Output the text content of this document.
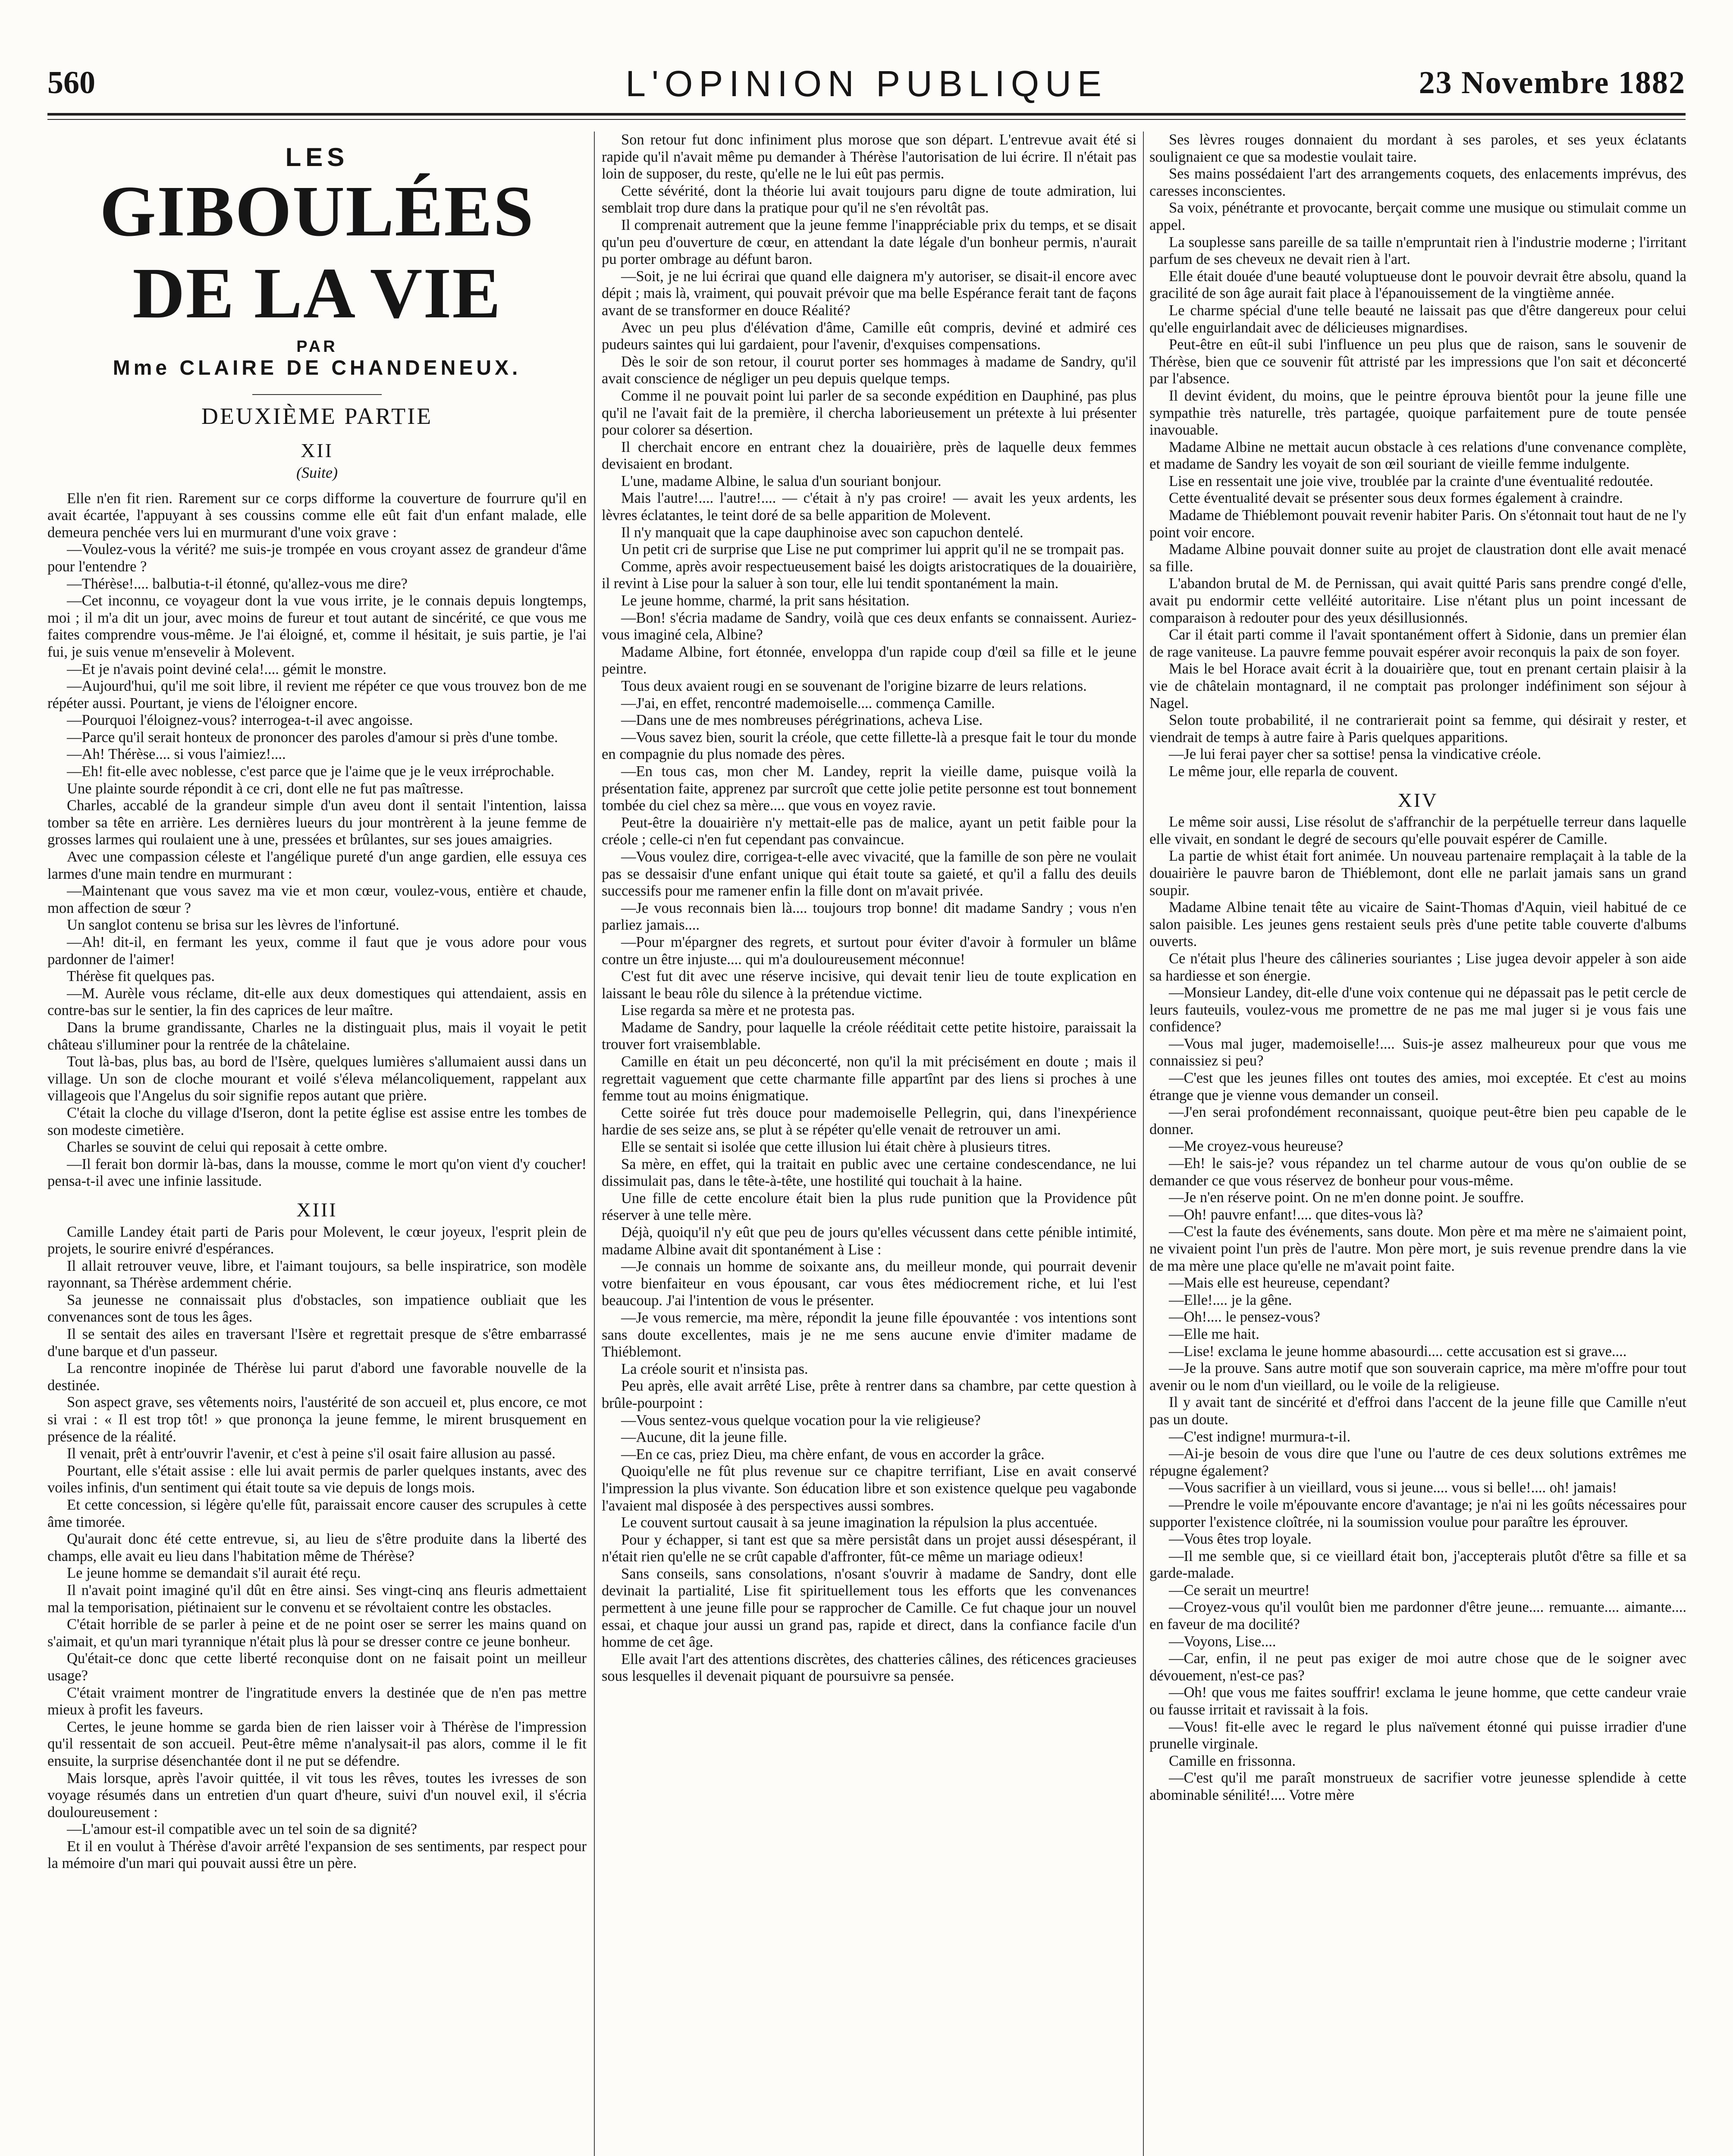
560	L'OPINION PUBLIQUE	23 Novembre 1882
LES
GIBOULÉES DE LA VIE
PAR
Mme CLAIRE DE CHANDENEUX.
DEUXIÈME PARTIE
XII
(Suite)

Elle n'en fit rien. Rarement sur ce corps difforme la couverture de fourrure qu'il en avait écartée, l'appuyant à ses coussins comme elle eût fait d'un enfant malade, elle demeura penchée vers lui en murmurant d'une voix grave :

—Voulez-vous la vérité? me suis-je trompée en vous croyant assez de grandeur d'âme pour l'entendre ?

—Thérèse!.... balbutia-t-il étonné, qu'allez-vous me dire?

—Cet inconnu, ce voyageur dont la vue vous irrite, je le connais depuis longtemps, moi ; il m'a dit un jour, avec moins de fureur et tout autant de sincérité, ce que vous me faites comprendre vous-même. Je l'ai éloigné, et, comme il hésitait, je suis partie, je l'ai fui, je suis venue m'ensevelir à Molevent.

—Et je n'avais point deviné cela!.... gémit le monstre.

—Aujourd'hui, qu'il me soit libre, il revient me répéter ce que vous trouvez bon de me répéter aussi. Pourtant, je viens de l'éloigner encore.

—Pourquoi l'éloignez-vous? interrogea-t-il avec angoisse.

—Parce qu'il serait honteux de prononcer des paroles d'amour si près d'une tombe.

—Ah! Thérèse.... si vous l'aimiez!....

—Eh! fit-elle avec noblesse, c'est parce que je l'aime que je le veux irréprochable.

Une plainte sourde répondit à ce cri, dont elle ne fut pas maîtresse.

Charles, accablé de la grandeur simple d'un aveu dont il sentait l'intention, laissa tomber sa tête en arrière. Les dernières lueurs du jour montrèrent à la jeune femme de grosses larmes qui roulaient une à une, pressées et brûlantes, sur ses joues amaigries.

Avec une compassion céleste et l'angélique pureté d'un ange gardien, elle essuya ces larmes d'une main tendre en murmurant :

—Maintenant que vous savez ma vie et mon cœur, voulez-vous, entière et chaude, mon affection de sœur ?

Un sanglot contenu se brisa sur les lèvres de l'infortuné.

—Ah! dit-il, en fermant les yeux, comme il faut que je vous adore pour vous pardonner de l'aimer!

Thérèse fit quelques pas.

—M. Aurèle vous réclame, dit-elle aux deux domestiques qui attendaient, assis en contre-bas sur le sentier, la fin des caprices de leur maître.

Dans la brume grandissante, Charles ne la distinguait plus, mais il voyait le petit château s'illuminer pour la rentrée de la châtelaine.

Tout là-bas, plus bas, au bord de l'Isère, quelques lumières s'allumaient aussi dans un village. Un son de cloche mourant et voilé s'éleva mélancoliquement, rappelant aux villageois que l'Angelus du soir signifie repos autant que prière.

C'était la cloche du village d'Iseron, dont la petite église est assise entre les tombes de son modeste cimetière.

Charles se souvint de celui qui reposait à cette ombre.

—Il ferait bon dormir là-bas, dans la mousse, comme le mort qu'on vient d'y coucher! pensa-t-il avec une infinie lassitude.

XIII

Camille Landey était parti de Paris pour Molevent, le cœur joyeux, l'esprit plein de projets, le sourire enivré d'espérances.

Il allait retrouver veuve, libre, et l'aimant toujours, sa belle inspiratrice, son modèle rayonnant, sa Thérèse ardemment chérie.

Sa jeunesse ne connaissait plus d'obstacles, son impatience oubliait que les convenances sont de tous les âges.

Il se sentait des ailes en traversant l'Isère et regrettait presque de s'être embarrassé d'une barque et d'un passeur.

La rencontre inopinée de Thérèse lui parut d'abord une favorable nouvelle de la destinée.

Son aspect grave, ses vêtements noirs, l'austérité de son accueil et, plus encore, ce mot si vrai : « Il est trop tôt! » que prononça la jeune femme, le mirent brusquement en présence de la réalité.

Il venait, prêt à entr'ouvrir l'avenir, et c'est à peine s'il osait faire allusion au passé.

Pourtant, elle s'était assise : elle lui avait permis de parler quelques instants, avec des voiles infinis, d'un sentiment qui était toute sa vie depuis de longs mois.

Et cette concession, si légère qu'elle fût, paraissait encore causer des scrupules à cette âme timorée.

Qu'aurait donc été cette entrevue, si, au lieu de s'être produite dans la liberté des champs, elle avait eu lieu dans l'habitation même de Thérèse?

Le jeune homme se demandait s'il aurait été reçu.

Il n'avait point imaginé qu'il dût en être ainsi. Ses vingt-cinq ans fleuris admettaient mal la temporisation, piétinaient sur le convenu et se révoltaient contre les obstacles.

C'était horrible de se parler à peine et de ne point oser se serrer les mains quand on s'aimait, et qu'un mari tyrannique n'était plus là pour se dresser contre ce jeune bonheur.

Qu'était-ce donc que cette liberté reconquise dont on ne faisait point un meilleur usage?

C'était vraiment montrer de l'ingratitude envers la destinée que de n'en pas mettre mieux à profit les faveurs.

Certes, le jeune homme se garda bien de rien laisser voir à Thérèse de l'impression qu'il ressentait de son accueil. Peut-être même n'analysait-il pas alors, comme il le fit ensuite, la surprise désenchantée dont il ne put se défendre.

Mais lorsque, après l'avoir quittée, il vit tous les rêves, toutes les ivresses de son voyage résumés dans un entretien d'un quart d'heure, suivi d'un nouvel exil, il s'écria douloureusement :

—L'amour est-il compatible avec un tel soin de sa dignité?

Et il en voulut à Thérèse d'avoir arrêté l'expansion de ses sentiments, par respect pour la mémoire d'un mari qui pouvait aussi être un père.

Son retour fut donc infiniment plus morose que son départ. L'entrevue avait été si rapide qu'il n'avait même pu demander à Thérèse l'autorisation de lui écrire. Il n'était pas loin de supposer, du reste, qu'elle ne le lui eût pas permis.

Cette sévérité, dont la théorie lui avait toujours paru digne de toute admiration, lui semblait trop dure dans la pratique pour qu'il ne s'en révoltât pas.

Il comprenait autrement que la jeune femme l'inappréciable prix du temps, et se disait qu'un peu d'ouverture de cœur, en attendant la date légale d'un bonheur permis, n'aurait pu porter ombrage au défunt baron.

—Soit, je ne lui écrirai que quand elle daignera m'y autoriser, se disait-il encore avec dépit ; mais là, vraiment, qui pouvait prévoir que ma belle Espérance ferait tant de façons avant de se transformer en douce Réalité?

Avec un peu plus d'élévation d'âme, Camille eût compris, deviné et admiré ces pudeurs saintes qui lui gardaient, pour l'avenir, d'exquises compensations.

Dès le soir de son retour, il courut porter ses hommages à madame de Sandry, qu'il avait conscience de négliger un peu depuis quelque temps.

Comme il ne pouvait point lui parler de sa seconde expédition en Dauphiné, pas plus qu'il ne l'avait fait de la première, il chercha laborieusement un prétexte à lui présenter pour colorer sa désertion.

Il cherchait encore en entrant chez la douairière, près de laquelle deux femmes devisaient en brodant.

L'une, madame Albine, le salua d'un souriant bonjour.

Mais l'autre!.... l'autre!.... — c'était à n'y pas croire! — avait les yeux ardents, les lèvres éclatantes, le teint doré de sa belle apparition de Molevent.

Il n'y manquait que la cape dauphinoise avec son capuchon dentelé.

Un petit cri de surprise que Lise ne put comprimer lui apprit qu'il ne se trompait pas.

Comme, après avoir respectueusement baisé les doigts aristocratiques de la douairière, il revint à Lise pour la saluer à son tour, elle lui tendit spontanément la main.

Le jeune homme, charmé, la prit sans hésitation.

—Bon! s'écria madame de Sandry, voilà que ces deux enfants se connaissent. Auriez-vous imaginé cela, Albine?

Madame Albine, fort étonnée, enveloppa d'un rapide coup d'œil sa fille et le jeune peintre.

Tous deux avaient rougi en se souvenant de l'origine bizarre de leurs relations.

—J'ai, en effet, rencontré mademoiselle.... commença Camille.

—Dans une de mes nombreuses pérégrinations, acheva Lise.

—Vous savez bien, sourit la créole, que cette fillette-là a presque fait le tour du monde en compagnie du plus nomade des pères.

—En tous cas, mon cher M. Landey, reprit la vieille dame, puisque voilà la présentation faite, apprenez par surcroît que cette jolie petite personne est tout bonnement tombée du ciel chez sa mère.... que vous en voyez ravie.

Peut-être la douairière n'y mettait-elle pas de malice, ayant un petit faible pour la créole ; celle-ci n'en fut cependant pas convaincue.

—Vous voulez dire, corrigea-t-elle avec vivacité, que la famille de son père ne voulait pas se dessaisir d'une enfant unique qui était toute sa gaieté, et qu'il a fallu des deuils successifs pour me ramener enfin la fille dont on m'avait privée.

—Je vous reconnais bien là.... toujours trop bonne! dit madame Sandry ; vous n'en parliez jamais....

—Pour m'épargner des regrets, et surtout pour éviter d'avoir à formuler un blâme contre un être injuste.... qui m'a douloureusement méconnue!

C'est fut dit avec une réserve incisive, qui devait tenir lieu de toute explication en laissant le beau rôle du silence à la prétendue victime.

Lise regarda sa mère et ne protesta pas.

Madame de Sandry, pour laquelle la créole rééditait cette petite histoire, paraissait la trouver fort vraisemblable.

Camille en était un peu déconcerté, non qu'il la mit précisément en doute ; mais il regrettait vaguement que cette charmante fille appartînt par des liens si proches à une femme tout au moins énigmatique.

Cette soirée fut très douce pour mademoiselle Pellegrin, qui, dans l'inexpérience hardie de ses seize ans, se plut à se répéter qu'elle venait de retrouver un ami.

Elle se sentait si isolée que cette illusion lui était chère à plusieurs titres.

Sa mère, en effet, qui la traitait en public avec une certaine condescendance, ne lui dissimulait pas, dans le tête-à-tête, une hostilité qui touchait à la haine.

Une fille de cette encolure était bien la plus rude punition que la Providence pût réserver à une telle mère.

Déjà, quoiqu'il n'y eût que peu de jours qu'elles vécussent dans cette pénible intimité, madame Albine avait dit spontanément à Lise :

—Je connais un homme de soixante ans, du meilleur monde, qui pourrait devenir votre bienfaiteur en vous épousant, car vous êtes médiocrement riche, et lui l'est beaucoup. J'ai l'intention de vous le présenter.

—Je vous remercie, ma mère, répondit la jeune fille épouvantée : vos intentions sont sans doute excellentes, mais je ne me sens aucune envie d'imiter madame de Thiéblemont.

La créole sourit et n'insista pas.

Peu après, elle avait arrêté Lise, prête à rentrer dans sa chambre, par cette question à brûle-pourpoint :

—Vous sentez-vous quelque vocation pour la vie religieuse?

—Aucune, dit la jeune fille.

—En ce cas, priez Dieu, ma chère enfant, de vous en accorder la grâce.

Quoiqu'elle ne fût plus revenue sur ce chapitre terrifiant, Lise en avait conservé l'impression la plus vivante. Son éducation libre et son existence quelque peu vagabonde l'avaient mal disposée à des perspectives aussi sombres.

Le couvent surtout causait à sa jeune imagination la répulsion la plus accentuée.

Pour y échapper, si tant est que sa mère persistât dans un projet aussi désespérant, il n'était rien qu'elle ne se crût capable d'affronter, fût-ce même un mariage odieux!

Sans conseils, sans consolations, n'osant s'ouvrir à madame de Sandry, dont elle devinait la partialité, Lise fit spirituellement tous les efforts que les convenances permettent à une jeune fille pour se rapprocher de Camille. Ce fut chaque jour un nouvel essai, et chaque jour aussi un grand pas, rapide et direct, dans la confiance facile d'un homme de cet âge.

Elle avait l'art des attentions discrètes, des chatteries câlines, des réticences gracieuses sous lesquelles il devenait piquant de poursuivre sa pensée.

Ses lèvres rouges donnaient du mordant à ses paroles, et ses yeux éclatants soulignaient ce que sa modestie voulait taire.

Ses mains possédaient l'art des arrangements coquets, des enlacements imprévus, des caresses inconscientes.

Sa voix, pénétrante et provocante, berçait comme une musique ou stimulait comme un appel.

La souplesse sans pareille de sa taille n'empruntait rien à l'industrie moderne ; l'irritant parfum de ses cheveux ne devait rien à l'art.

Elle était douée d'une beauté voluptueuse dont le pouvoir devrait être absolu, quand la gracilité de son âge aurait fait place à l'épanouissement de la vingtième année.

Le charme spécial d'une telle beauté ne laissait pas que d'être dangereux pour celui qu'elle enguirlandait avec de délicieuses mignardises.

Peut-être en eût-il subi l'influence un peu plus que de raison, sans le souvenir de Thérèse, bien que ce souvenir fût attristé par les impressions que l'on sait et déconcerté par l'absence.

Il devint évident, du moins, que le peintre éprouva bientôt pour la jeune fille une sympathie très naturelle, très partagée, quoique parfaitement pure de toute pensée inavouable.

Madame Albine ne mettait aucun obstacle à ces relations d'une convenance complète, et madame de Sandry les voyait de son œil souriant de vieille femme indulgente.

Lise en ressentait une joie vive, troublée par la crainte d'une éventualité redoutée.

Cette éventualité devait se présenter sous deux formes également à craindre.

Madame de Thiéblemont pouvait revenir habiter Paris. On s'étonnait tout haut de ne l'y point voir encore.

Madame Albine pouvait donner suite au projet de claustration dont elle avait menacé sa fille.

L'abandon brutal de M. de Pernissan, qui avait quitté Paris sans prendre congé d'elle, avait pu endormir cette velléité autoritaire. Lise n'étant plus un point incessant de comparaison à redouter pour des yeux désillusionnés.

Car il était parti comme il l'avait spontanément offert à Sidonie, dans un premier élan de rage vaniteuse. La pauvre femme pouvait espérer avoir reconquis la paix de son foyer.

Mais le bel Horace avait écrit à la douairière que, tout en prenant certain plaisir à la vie de châtelain montagnard, il ne comptait pas prolonger indéfiniment son séjour à Nagel.

Selon toute probabilité, il ne contrarierait point sa femme, qui désirait y rester, et viendrait de temps à autre faire à Paris quelques apparitions.

—Je lui ferai payer cher sa sottise! pensa la vindicative créole.

Le même jour, elle reparla de couvent.

XIV

Le même soir aussi, Lise résolut de s'affranchir de la perpétuelle terreur dans laquelle elle vivait, en sondant le degré de secours qu'elle pouvait espérer de Camille.

La partie de whist était fort animée. Un nouveau partenaire remplaçait à la table de la douairière le pauvre baron de Thiéblemont, dont elle ne parlait jamais sans un grand soupir.

Madame Albine tenait tête au vicaire de Saint-Thomas d'Aquin, vieil habitué de ce salon paisible. Les jeunes gens restaient seuls près d'une petite table couverte d'albums ouverts.

Ce n'était plus l'heure des câlineries souriantes ; Lise jugea devoir appeler à son aide sa hardiesse et son énergie.

—Monsieur Landey, dit-elle d'une voix contenue qui ne dépassait pas le petit cercle de leurs fauteuils, voulez-vous me promettre de ne pas me mal juger si je vous fais une confidence?

—Vous mal juger, mademoiselle!.... Suis-je assez malheureux pour que vous me connaissiez si peu?

—C'est que les jeunes filles ont toutes des amies, moi exceptée. Et c'est au moins étrange que je vienne vous demander un conseil.

—J'en serai profondément reconnaissant, quoique peut-être bien peu capable de le donner.

—Me croyez-vous heureuse?

—Eh! le sais-je? vous répandez un tel charme autour de vous qu'on oublie de se demander ce que vous réservez de bonheur pour vous-même.

—Je n'en réserve point. On ne m'en donne point. Je souffre.

—Oh! pauvre enfant!.... que dites-vous là?

—C'est la faute des événements, sans doute. Mon père et ma mère ne s'aimaient point, ne vivaient point l'un près de l'autre. Mon père mort, je suis revenue prendre dans la vie de ma mère une place qu'elle ne m'avait point faite.

—Mais elle est heureuse, cependant?

—Elle!.... je la gêne.

—Oh!.... le pensez-vous?

—Elle me hait.

—Lise! exclama le jeune homme abasourdi.... cette accusation est si grave....

—Je la prouve. Sans autre motif que son souverain caprice, ma mère m'offre pour tout avenir ou le nom d'un vieillard, ou le voile de la religieuse.

Il y avait tant de sincérité et d'effroi dans l'accent de la jeune fille que Camille n'eut pas un doute.

—C'est indigne! murmura-t-il.

—Ai-je besoin de vous dire que l'une ou l'autre de ces deux solutions extrêmes me répugne également?

—Vous sacrifier à un vieillard, vous si jeune.... vous si belle!.... oh! jamais!

—Prendre le voile m'épouvante encore d'avantage; je n'ai ni les goûts nécessaires pour supporter l'existence cloîtrée, ni la soumission voulue pour paraître les éprouver.

—Vous êtes trop loyale.

—Il me semble que, si ce vieillard était bon, j'accepterais plutôt d'être sa fille et sa garde-malade.

—Ce serait un meurtre!

—Croyez-vous qu'il voulût bien me pardonner d'être jeune.... remuante.... aimante.... en faveur de ma docilité?

—Voyons, Lise....

—Car, enfin, il ne peut pas exiger de moi autre chose que de le soigner avec dévouement, n'est-ce pas?

—Oh! que vous me faites souffrir! exclama le jeune homme, que cette candeur vraie ou fausse irritait et ravissait à la fois.

—Vous! fit-elle avec le regard le plus naïvement étonné qui puisse irradier d'une prunelle virginale.

Camille en frissonna.

—C'est qu'il me paraît monstrueux de sacrifier votre jeunesse splendide à cette abominable sénilité!.... Votre mère
